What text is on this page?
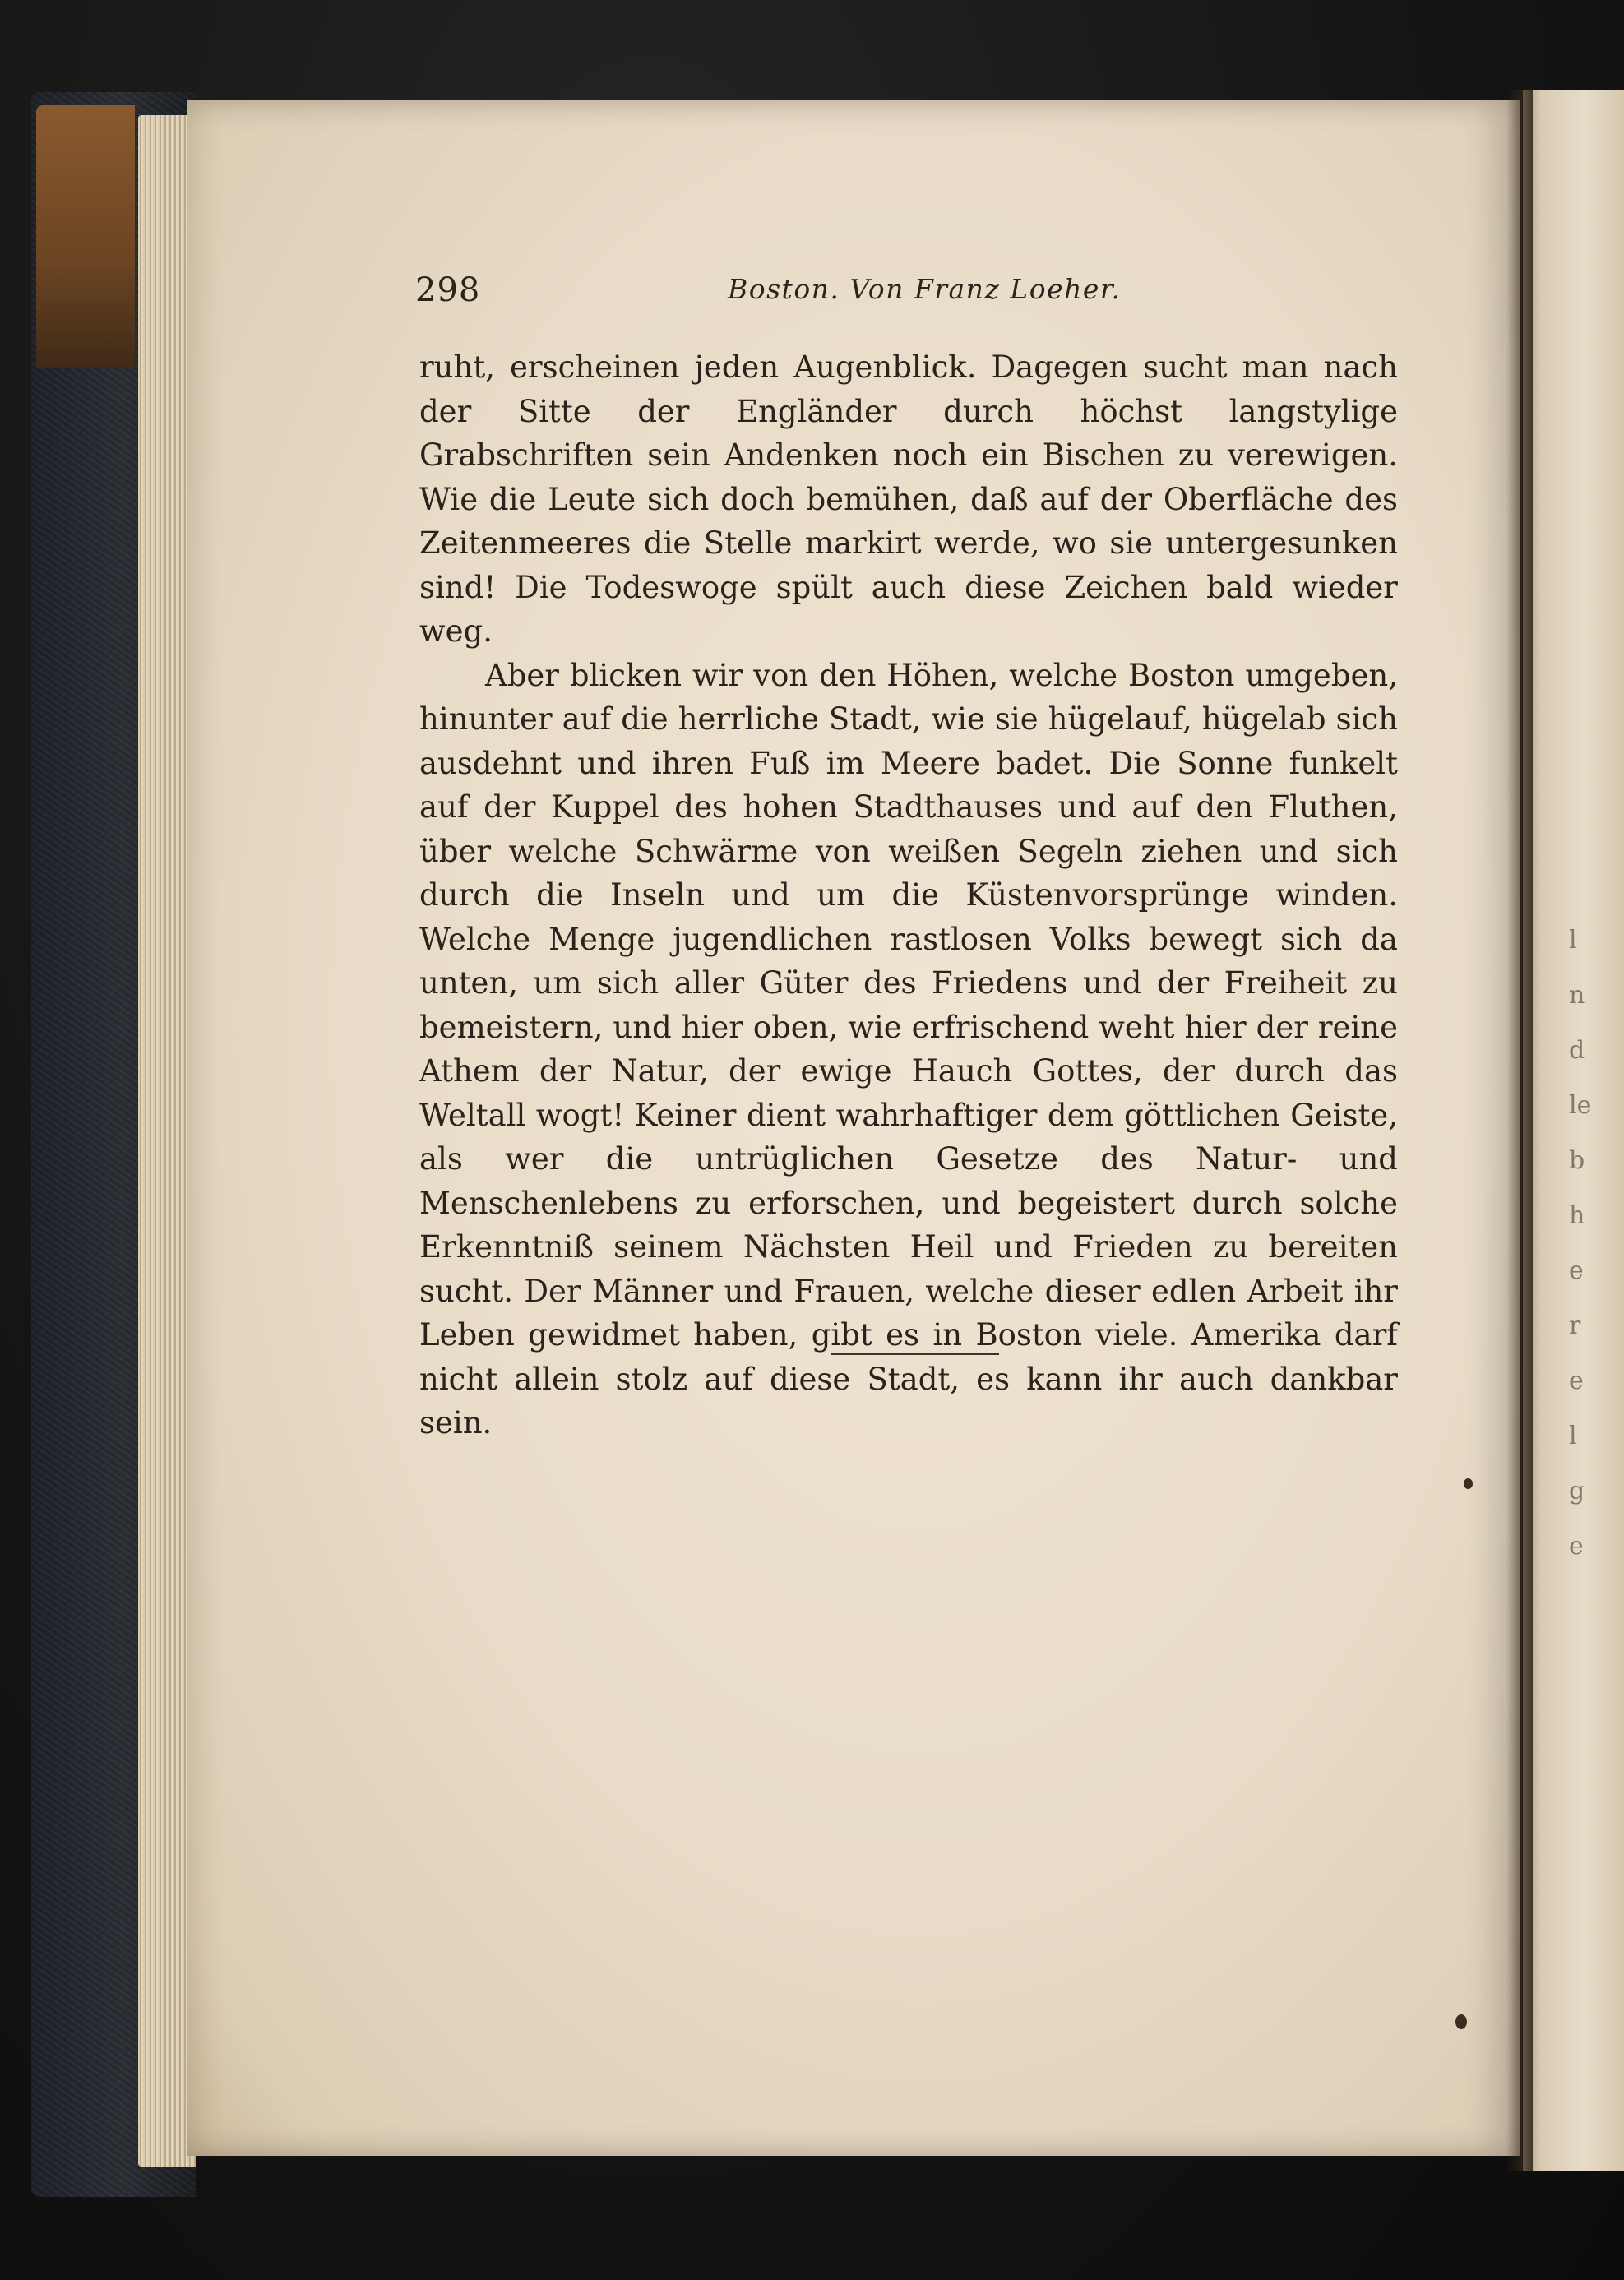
l
n
d
le
b
h
e
r
e
l
g
e
298	Boston. Von Franz Loeher.

ruht, erscheinen jeden Augenblick. Dagegen sucht man nach der Sitte der Engländer durch höchst langstylige Grabschriften sein Andenken noch ein Bischen zu verewigen. Wie die Leute sich doch bemühen, daß auf der Oberfläche des Zeitenmeeres die Stelle markirt werde, wo sie untergesunken sind! Die Todeswoge spült auch diese Zeichen bald wieder weg.

Aber blicken wir von den Höhen, welche Boston umgeben, hinunter auf die herrliche Stadt, wie sie hügelauf, hügelab sich ausdehnt und ihren Fuß im Meere badet. Die Sonne funkelt auf der Kuppel des hohen Stadthauses und auf den Fluthen, über welche Schwärme von weißen Segeln ziehen und sich durch die Inseln und um die Küstenvorsprünge winden. Welche Menge jugendlichen rastlosen Volks bewegt sich da unten, um sich aller Güter des Friedens und der Freiheit zu bemeistern, und hier oben, wie erfrischend weht hier der reine Athem der Natur, der ewige Hauch Gottes, der durch das Weltall wogt! Keiner dient wahrhaftiger dem göttlichen Geiste, als wer die untrüglichen Gesetze des Natur- und Menschenlebens zu erforschen, und begeistert durch solche Erkenntniß seinem Nächsten Heil und Frieden zu bereiten sucht. Der Männer und Frauen, welche dieser edlen Arbeit ihr Leben gewidmet haben, gibt es in Boston viele. Amerika darf nicht allein stolz auf diese Stadt, es kann ihr auch dankbar sein.
